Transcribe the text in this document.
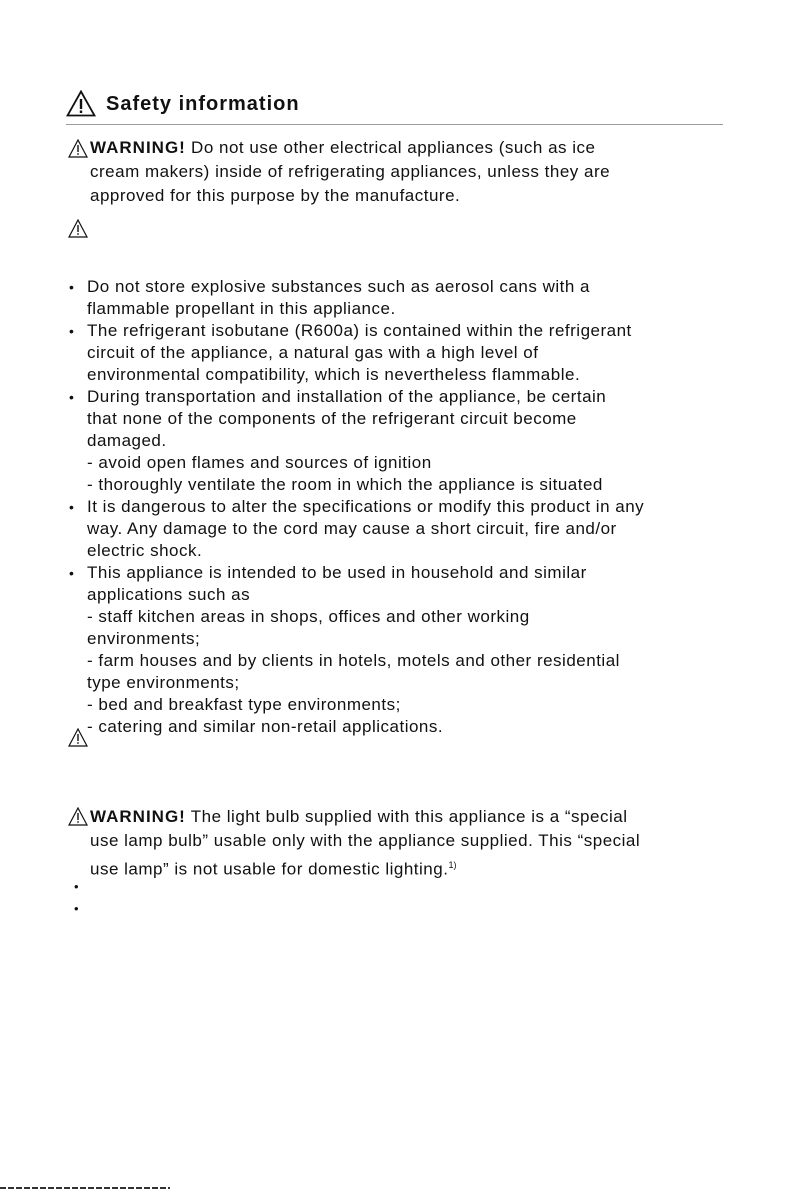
Safety information
WARNING! Do not use other electrical appliances (such as ice
cream makers) inside of refrigerating appliances, unless they are
approved for this purpose by the manufacture.
• Do not store explosive substances such as aerosol cans with a
flammable propellant in this appliance.
• The refrigerant isobutane (R600a) is contained within the refrigerant
circuit of the appliance, a natural gas with a high level of
environmental compatibility, which is nevertheless flammable.
• During transportation and installation of the appliance, be certain
that none of the components of the refrigerant circuit become
damaged.
- avoid open flames and sources of ignition
- thoroughly ventilate the room in which the appliance is situated
• It is dangerous to alter the specifications or modify this product in any
way. Any damage to the cord may cause a short circuit, fire and/or
electric shock.
• This appliance is intended to be used in household and similar
applications such as
- staff kitchen areas in shops, offices and other working
environments;
- farm houses and by clients in hotels, motels and other residential
type environments;
- bed and breakfast type environments;
- catering and similar non-retail applications.
WARNING! The light bulb supplied with this appliance is a “special
use lamp bulb” usable only with the appliance supplied. This “special
use lamp” is not usable for domestic lighting.$^{1)}$
•
•
